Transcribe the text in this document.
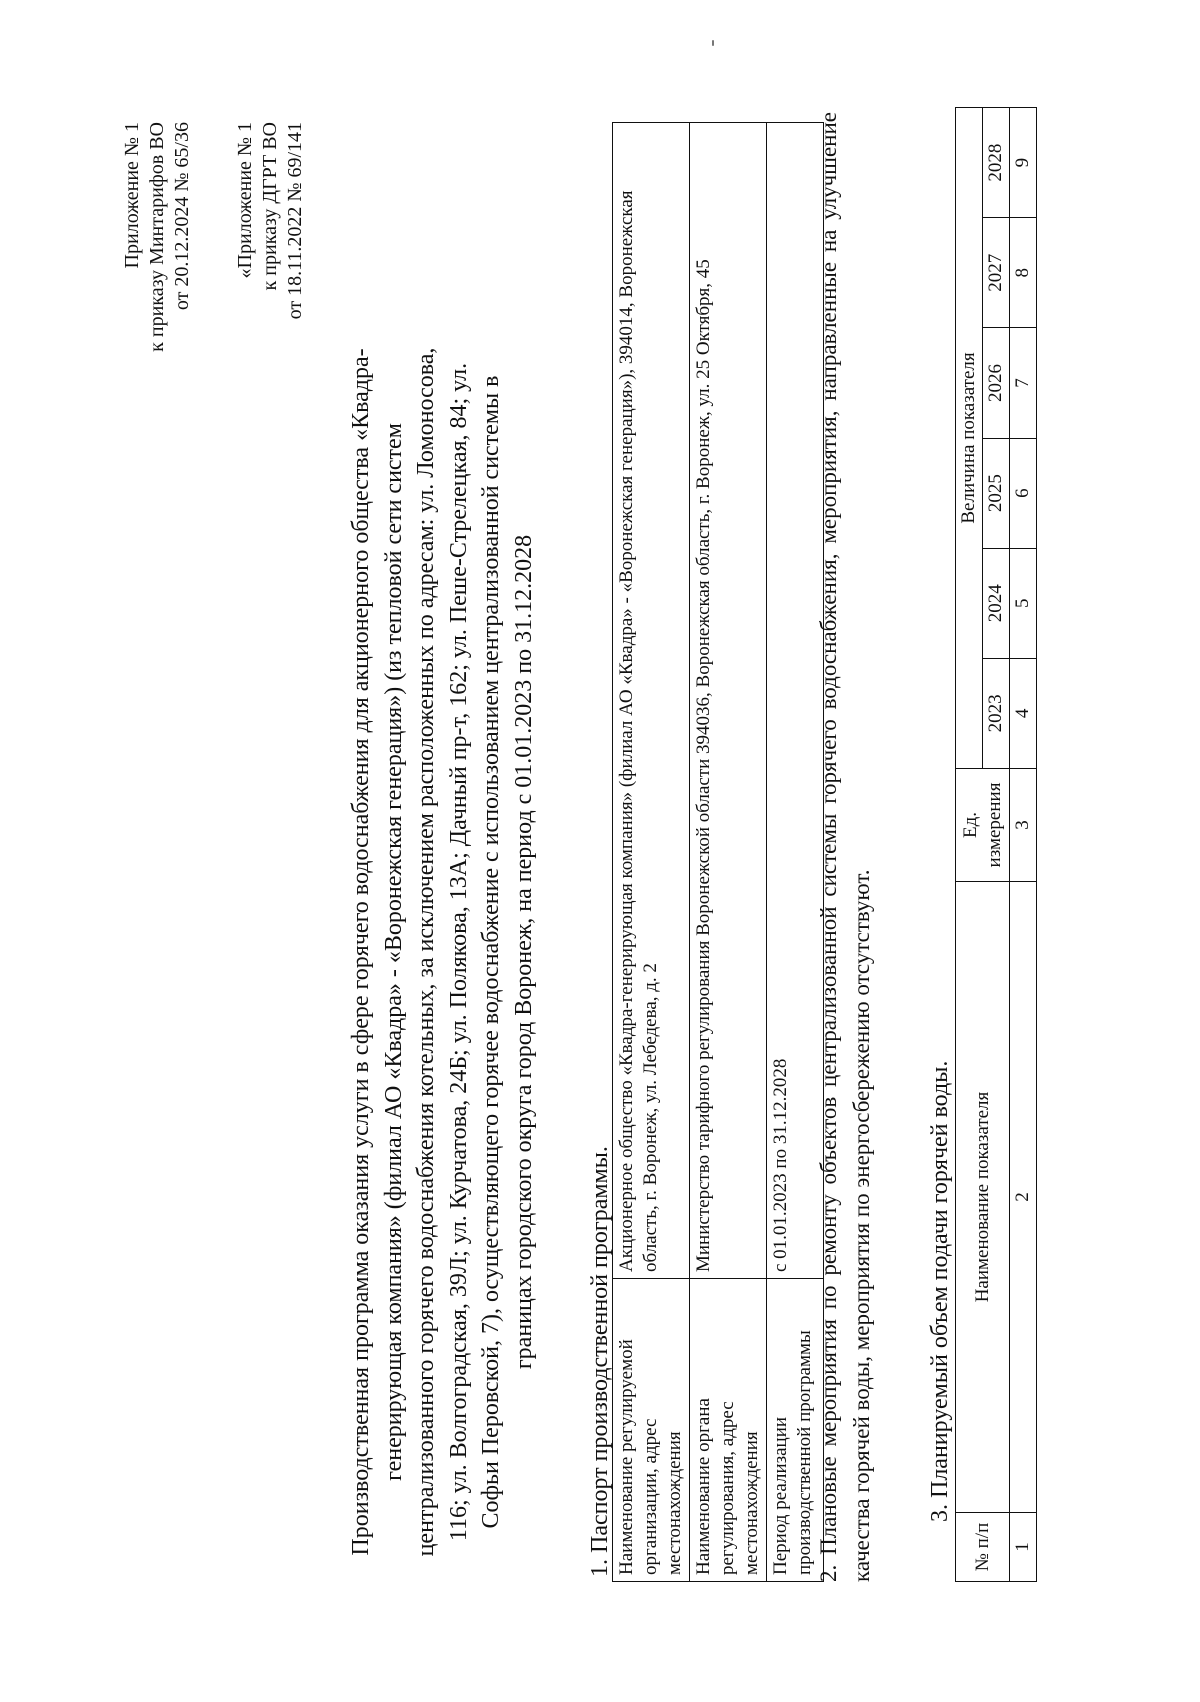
Приложение № 1 к приказу Минтарифов ВО от 20.12.2024 № 65/36 «Приложение № 1 к приказу ДГРТ ВО от 18.11.2022 № 69/141
Производственная программа оказания услуги в сфере горячего водоснабжения для акционерного общества «Квадра-генерирующая компания» (филиал АО «Квадра» - «Воронежская генерация») (из тепловой сети систем централизованного горячего водоснабжения котельных, за исключением расположенных по адресам: ул. Ломоносова, 116; ул. Волгоградская, 39Л; ул. Курчатова, 24Б; ул. Полякова, 13А; Дачный пр-т, 162; ул. Пеше-Стрелецкая, 84; ул. Софьи Перовской, 7), осуществляющего горячее водоснабжение с использованием централизованной системы в границах городского округа город Воронеж, на период с 01.01.2023 по 31.12.2028 1. Паспорт производственной программы. Наименование регулируемой организации, адрес местонахождения	Акционерное общество «Квадра-генерирующая компания» (филиал АО «Квадра» - «Воронежская генерация»), 394014, Воронежская область, г. Воронеж, ул. Лебедева, д. 2
Наименование органа регулирования, адрес местонахождения	Министерство тарифного регулирования Воронежской области 394036, Воронежская область, г. Воронеж, ул. 25 Октября, 45
Период реализации производственной программы	с 01.01.2023 по 31.12.2028 2. Плановые мероприятия по ремонту объектов централизованной системы горячего водоснабжения, мероприятия, направленные на улучшение качества горячей воды, мероприятия по энергосбережению отсутствуют. 3. Планируемый объем подачи горячей воды.
№ п/п	Наименование показателя	Ед. измерения	Величина показателя					
			2023	2024	2025	2026	2027	2028
1	2	3	4	5	6	7	8	9
